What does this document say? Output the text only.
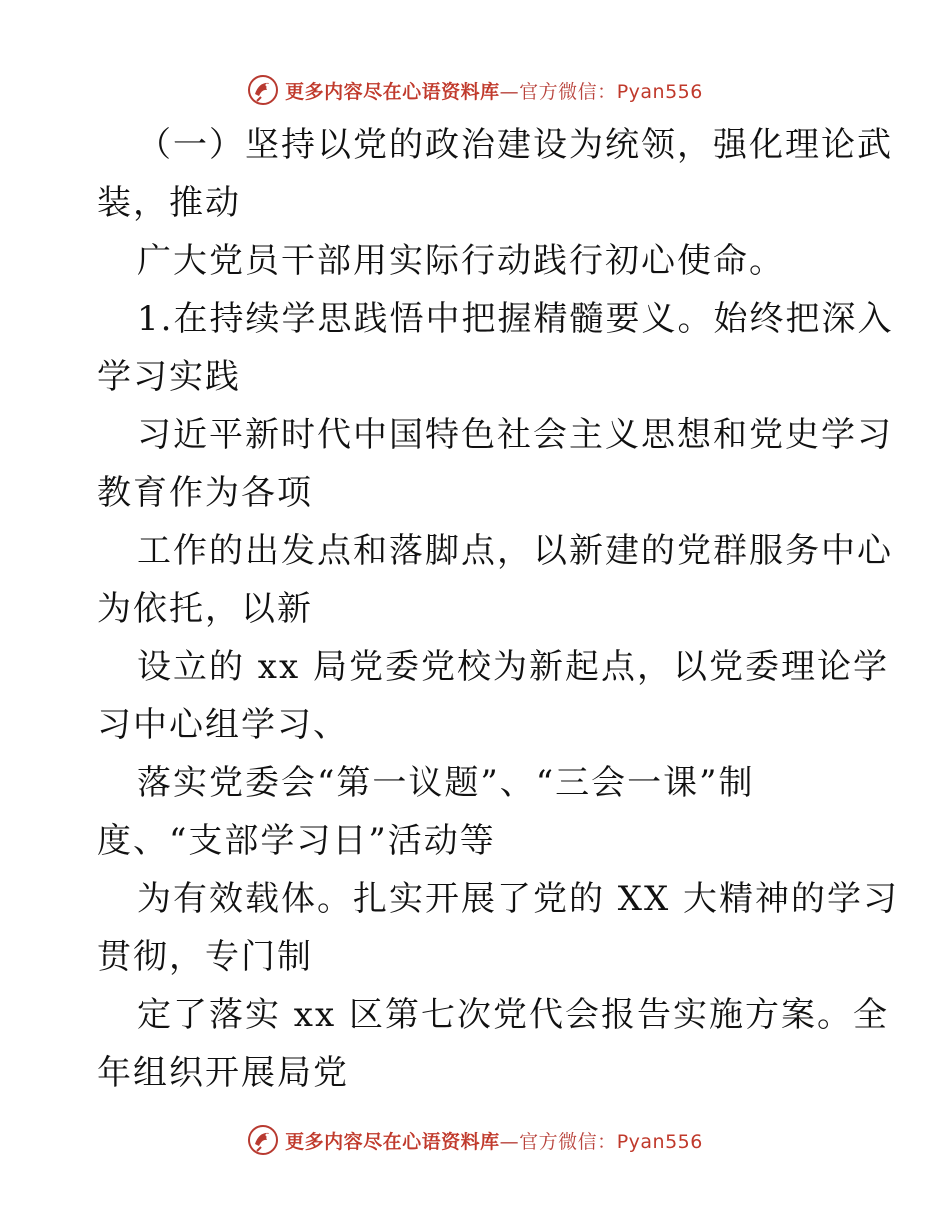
更多内容尽在心语资料库—官方微信：Pyan556
（一）坚持以党的政治建设为统领，强化理论武
装，推动
广大党员干部用实际行动践行初心使命。
1.在持续学思践悟中把握精髓要义。始终把深入
学习实践
习近平新时代中国特色社会主义思想和党史学习
教育作为各项
工作的出发点和落脚点，以新建的党群服务中心
为依托，以新
设立的 xx 局党委党校为新起点，以党委理论学
习中心组学习、
落实党委会“第一议题”、“三会一课”制
度、“支部学习日”活动等
为有效载体。扎实开展了党的 XX 大精神的学习
贯彻，专门制
定了落实 xx 区第七次党代会报告实施方案。全
年组织开展局党
更多内容尽在心语资料库—官方微信：Pyan556
